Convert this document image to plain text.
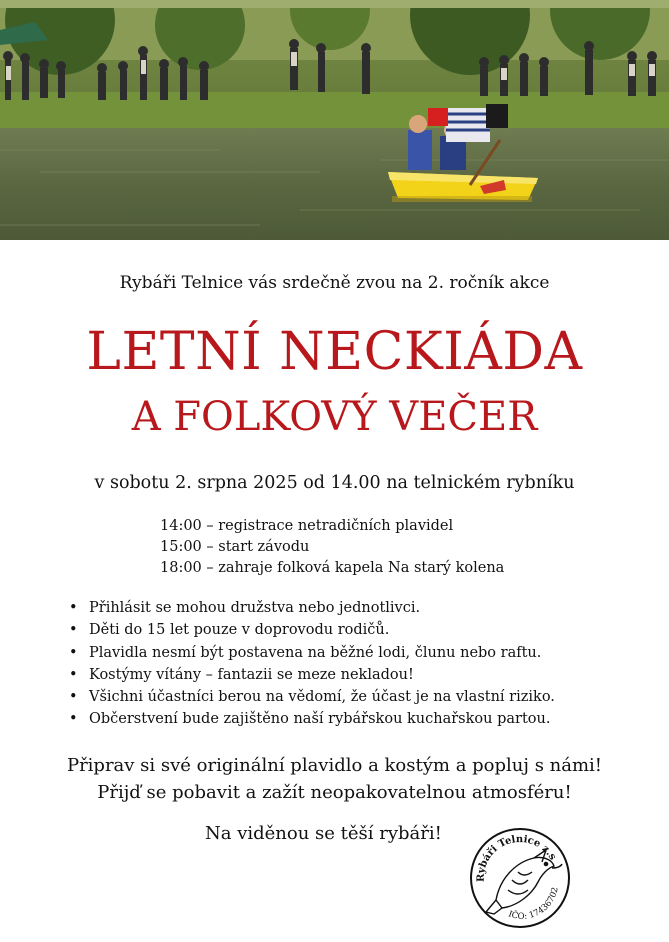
Rybáři Telnice vás srdečně zvou na 2. ročník akce
LETNÍ NECKIÁDA
A FOLKOVÝ VEČER
v sobotu 2. srpna 2025 od 14.00 na telnickém rybníku
14:00 – registrace netradičních plavidel
15:00 – start závodu
18:00 – zahraje folková kapela Na starý kolena
• Přihlásit se mohou družstva nebo jednotlivci.
• Děti do 15 let pouze v doprovodu rodičů.
• Plavidla nesmí být postavena na běžné lodi, člunu nebo raftu.
• Kostýmy vítány – fantazii se meze nekladou!
• Všichni účastníci berou na vědomí, že účast je na vlastní riziko.
• Občerstvení bude zajištěno naší rybářskou kuchařskou partou.
Připrav si své originální plavidlo a kostým a popluj s námi!
Přijď se pobavit a zažít neopakovatelnou atmosféru!
Na viděnou se těší rybáři!
Rybáři Telnice z.s
IČO: 17436702
